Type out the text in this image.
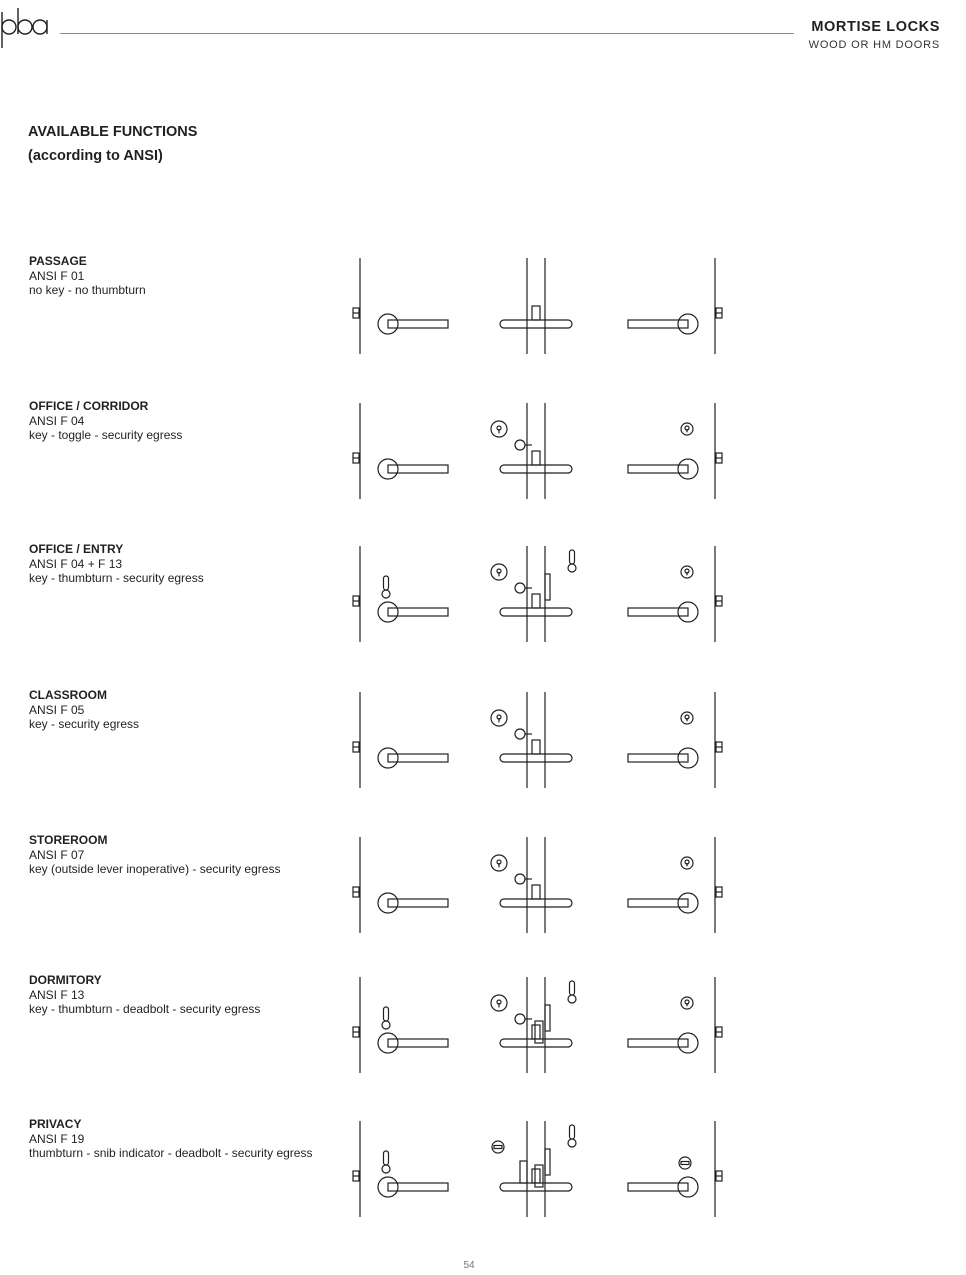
MORTISE LOCKS
WOOD OR HM DOORS
AVAILABLE FUNCTIONS
(according to ANSI)
PASSAGE
ANSI F 01
no key - no thumbturn
OFFICE / CORRIDOR
ANSI F 04
key - toggle - security egress
OFFICE / ENTRY
ANSI F 04 + F 13
key - thumbturn - security egress
CLASSROOM
ANSI F 05
key - security egress
STOREROOM
ANSI F 07
key (outside lever inoperative) - security egress
DORMITORY
ANSI F 13
key - thumbturn - deadbolt - security egress
PRIVACY
ANSI F 19
thumbturn - snib indicator - deadbolt - security egress
54
